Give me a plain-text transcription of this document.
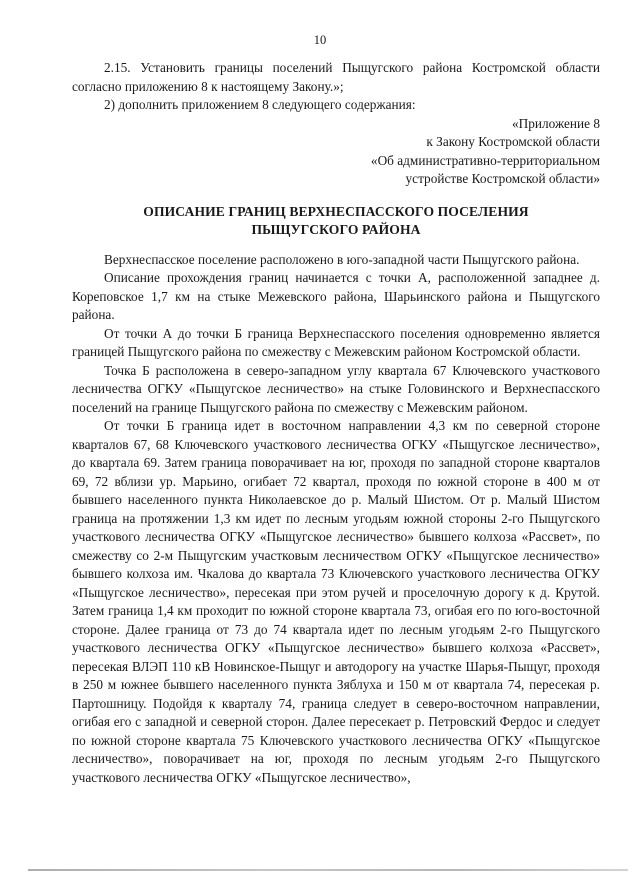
10

2.15. Установить границы поселений Пыщугского района Костромской области согласно приложению 8 к настоящему Закону.»;

2) дополнить приложением 8 следующего содержания:

«Приложение 8
к Закону Костромской области
«Об административно-территориальном
устройстве Костромской области»
ОПИСАНИЕ ГРАНИЦ ВЕРХНЕСПАССКОГО ПОСЕЛЕНИЯ
ПЫЩУГСКОГО РАЙОНА

Верхнеспасское поселение расположено в юго-западной части Пыщугского района.

Описание прохождения границ начинается с точки А, расположенной западнее д. Кореповское 1,7 км на стыке Межевского района, Шарьинского района и Пыщугского района.

От точки А до точки Б граница Верхнеспасского поселения одновременно является границей Пыщугского района по смежеству с Межевским районом Костромской области.

Точка Б расположена в северо-западном углу квартала 67 Ключевского участкового лесничества ОГКУ «Пыщугское лесничество» на стыке Головинского и Верхнеспасского поселений на границе Пыщугского района по смежеству с Межевским районом.

От точки Б граница идет в восточном направлении 4,3 км по северной стороне кварталов 67, 68 Ключевского участкового лесничества ОГКУ «Пыщугское лесничество», до квартала 69. Затем граница поворачивает на юг, проходя по западной стороне кварталов 69, 72 вблизи ур. Марьино, огибает 72 квартал, проходя по южной стороне в 400 м от бывшего населенного пункта Николаевское до р. Малый Шистом. От р. Малый Шистом граница на протяжении 1,3 км идет по лесным угодьям южной стороны 2-го Пыщугского участкового лесничества ОГКУ «Пыщугское лесничество» бывшего колхоза «Рассвет», по смежеству со 2-м Пыщугским участковым лесничеством ОГКУ «Пыщугское лесничество» бывшего колхоза им. Чкалова до квартала 73 Ключевского участкового лесничества ОГКУ «Пыщугское лесничество», пересекая при этом ручей и проселочную дорогу к д. Крутой. Затем граница 1,4 км проходит по южной стороне квартала 73, огибая его по юго-восточной стороне. Далее граница от 73 до 74 квартала идет по лесным угодьям 2-го Пыщугского участкового лесничества ОГКУ «Пыщугское лесничество» бывшего колхоза «Рассвет», пересекая ВЛЭП 110 кВ Новинское-Пыщуг и автодорогу на участке Шарья-Пыщуг, проходя в 250 м южнее бывшего населенного пункта Зяблуха и 150 м от квартала 74, пересекая р. Партошницу. Подойдя к кварталу 74, граница следует в северо-восточном направлении, огибая его с западной и северной сторон. Далее пересекает р. Петровский Фердос и следует по южной стороне квартала 75 Ключевского участкового лесничества ОГКУ «Пыщугское лесничество», поворачивает на юг, проходя по лесным угодьям 2-го Пыщугского участкового лесничества ОГКУ «Пыщугское лесничество»,
